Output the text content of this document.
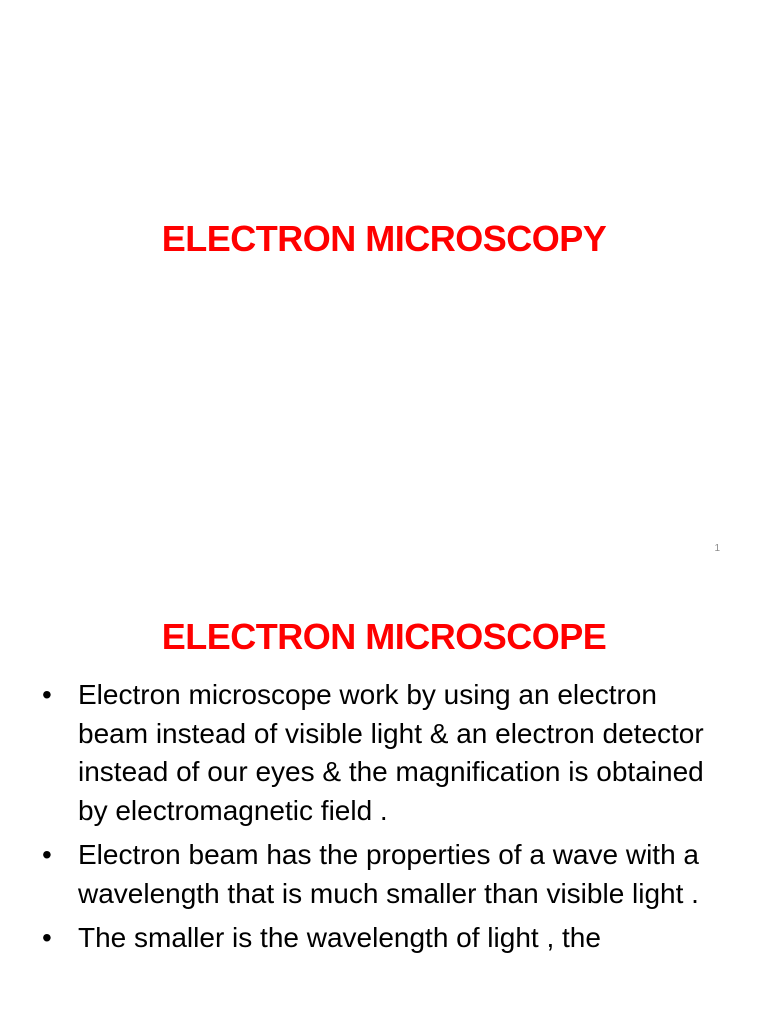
ELECTRON MICROSCOPY
1
ELECTRON MICROSCOPE
• Electron microscope work by using an electron beam instead of visible light & an electron detector instead of our eyes & the magnification is obtained by electromagnetic field .
• Electron beam has the properties of a wave with a wavelength that is much smaller than visible light .
• The smaller is the wavelength of light , the
